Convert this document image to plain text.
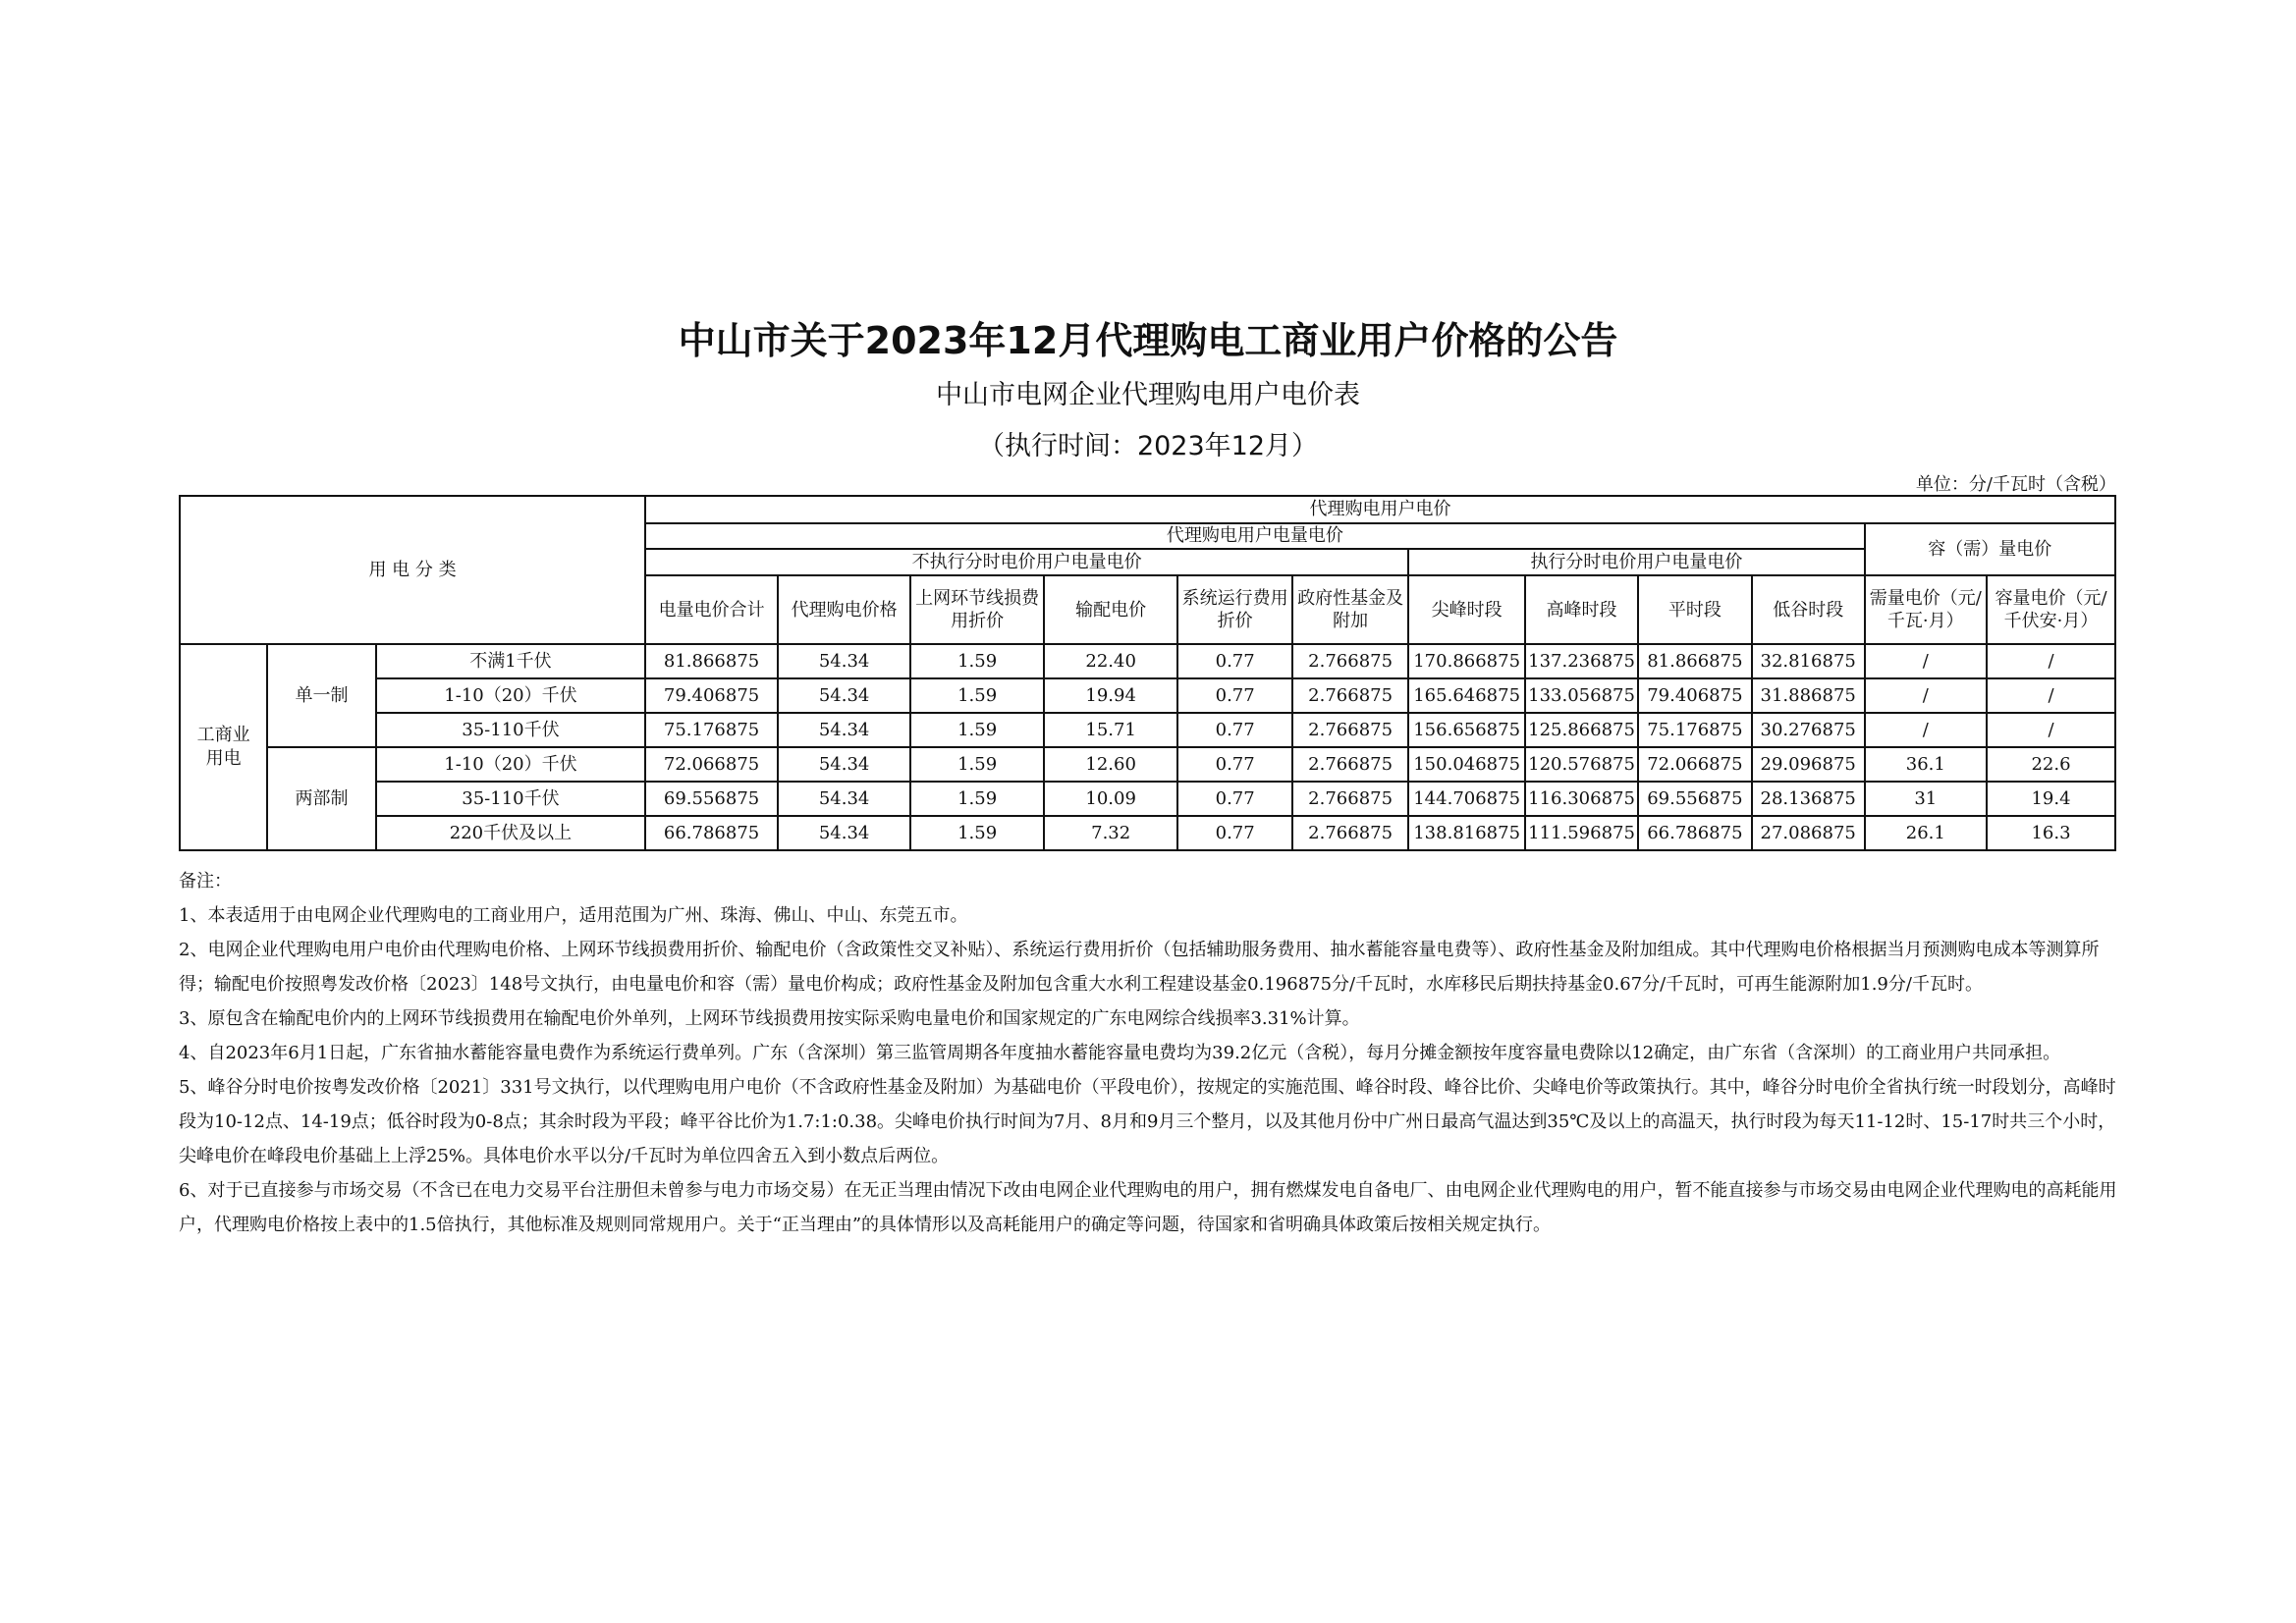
中山市关于2023年12月代理购电工商业用户价格的公告
中山市电网企业代理购电用户电价表
（执行时间：2023年12月）
单位：分/千瓦时（含税）
用 电 分 类			代理购电用户电价											
			代理购电用户电量电价										容（需）量电价	
			不执行分时电价用户电量电价						执行分时电价用户电量电价					
			电量电价合计	代理购电价格	上网环节线损费用折价	输配电价	系统运行费用折价	政府性基金及附加	尖峰时段	高峰时段	平时段	低谷时段	需量电价（元/千瓦·月）	容量电价（元/千伏安·月）
工商业用电	单一制	不满1千伏	81.866875	54.34	1.59	22.40	0.77	2.766875	170.866875	137.236875	81.866875	32.816875	/	/
		1-10（20）千伏	79.406875	54.34	1.59	19.94	0.77	2.766875	165.646875	133.056875	79.406875	31.886875	/	/
		35-110千伏	75.176875	54.34	1.59	15.71	0.77	2.766875	156.656875	125.866875	75.176875	30.276875	/	/
	两部制	1-10（20）千伏	72.066875	54.34	1.59	12.60	0.77	2.766875	150.046875	120.576875	72.066875	29.096875	36.1	22.6
		35-110千伏	69.556875	54.34	1.59	10.09	0.77	2.766875	144.706875	116.306875	69.556875	28.136875	31	19.4
		220千伏及以上	66.786875	54.34	1.59	7.32	0.77	2.766875	138.816875	111.596875	66.786875	27.086875	26.1	16.3
备注：
1、本表适用于由电网企业代理购电的工商业用户，适用范围为广州、珠海、佛山、中山、东莞五市。
2、电网企业代理购电用户电价由代理购电价格、上网环节线损费用折价、输配电价（含政策性交叉补贴）、系统运行费用折价（包括辅助服务费用、抽水蓄能容量电费等）、政府性基金及附加组成。其中代理购电价格根据当月预测购电成本等测算所得；输配电价按照粤发改价格〔2023〕148号文执行，由电量电价和容（需）量电价构成；政府性基金及附加包含重大水利工程建设基金0.196875分/千瓦时，水库移民后期扶持基金0.67分/千瓦时，可再生能源附加1.9分/千瓦时。
3、原包含在输配电价内的上网环节线损费用在输配电价外单列，上网环节线损费用按实际采购电量电价和国家规定的广东电网综合线损率3.31%计算。
4、自2023年6月1日起，广东省抽水蓄能容量电费作为系统运行费单列。广东（含深圳）第三监管周期各年度抽水蓄能容量电费均为39.2亿元（含税），每月分摊金额按年度容量电费除以12确定，由广东省（含深圳）的工商业用户共同承担。
5、峰谷分时电价按粤发改价格〔2021〕331号文执行，以代理购电用户电价（不含政府性基金及附加）为基础电价（平段电价），按规定的实施范围、峰谷时段、峰谷比价、尖峰电价等政策执行。其中，峰谷分时电价全省执行统一时段划分，高峰时段为10-12点、14-19点；低谷时段为0-8点；其余时段为平段；峰平谷比价为1.7:1:0.38。尖峰电价执行时间为7月、8月和9月三个整月，以及其他月份中广州日最高气温达到35℃及以上的高温天，执行时段为每天11-12时、15-17时共三个小时，尖峰电价在峰段电价基础上上浮25%。具体电价水平以分/千瓦时为单位四舍五入到小数点后两位。
6、对于已直接参与市场交易（不含已在电力交易平台注册但未曾参与电力市场交易）在无正当理由情况下改由电网企业代理购电的用户，拥有燃煤发电自备电厂、由电网企业代理购电的用户，暂不能直接参与市场交易由电网企业代理购电的高耗能用户，代理购电价格按上表中的1.5倍执行，其他标准及规则同常规用户。关于“正当理由”的具体情形以及高耗能用户的确定等问题，待国家和省明确具体政策后按相关规定执行。
